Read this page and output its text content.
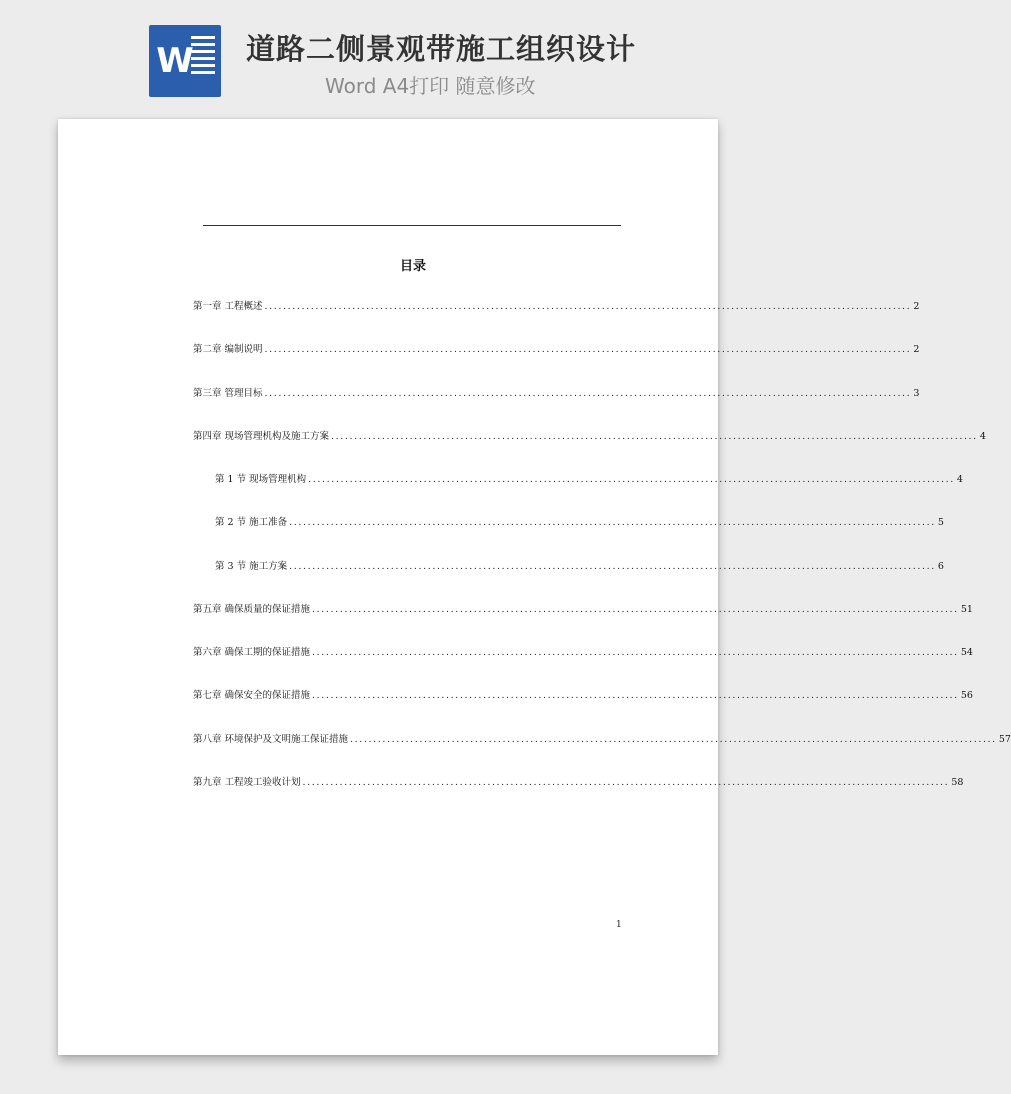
W 道路二侧景观带施工组织设计
Word A4打印 随意修改
​
目录
第一章 工程概述 ............................................................................................................................................ 2
第二章 编制说明 ............................................................................................................................................ 2
第三章 管理目标 ............................................................................................................................................ 3
第四章 现场管理机构及施工方案 ............................................................................................................................................ 4
第 1 节 现场管理机构 ............................................................................................................................................ 4
第 2 节 施工准备 ............................................................................................................................................ 5
第 3 节 施工方案 ............................................................................................................................................ 6
第五章 确保质量的保证措施 ............................................................................................................................................ 51
第六章 确保工期的保证措施 ............................................................................................................................................ 54
第七章 确保安全的保证措施 ............................................................................................................................................ 56
第八章 环境保护及文明施工保证措施 ............................................................................................................................................ 57
第九章 工程竣工验收计划 ............................................................................................................................................ 58
1
